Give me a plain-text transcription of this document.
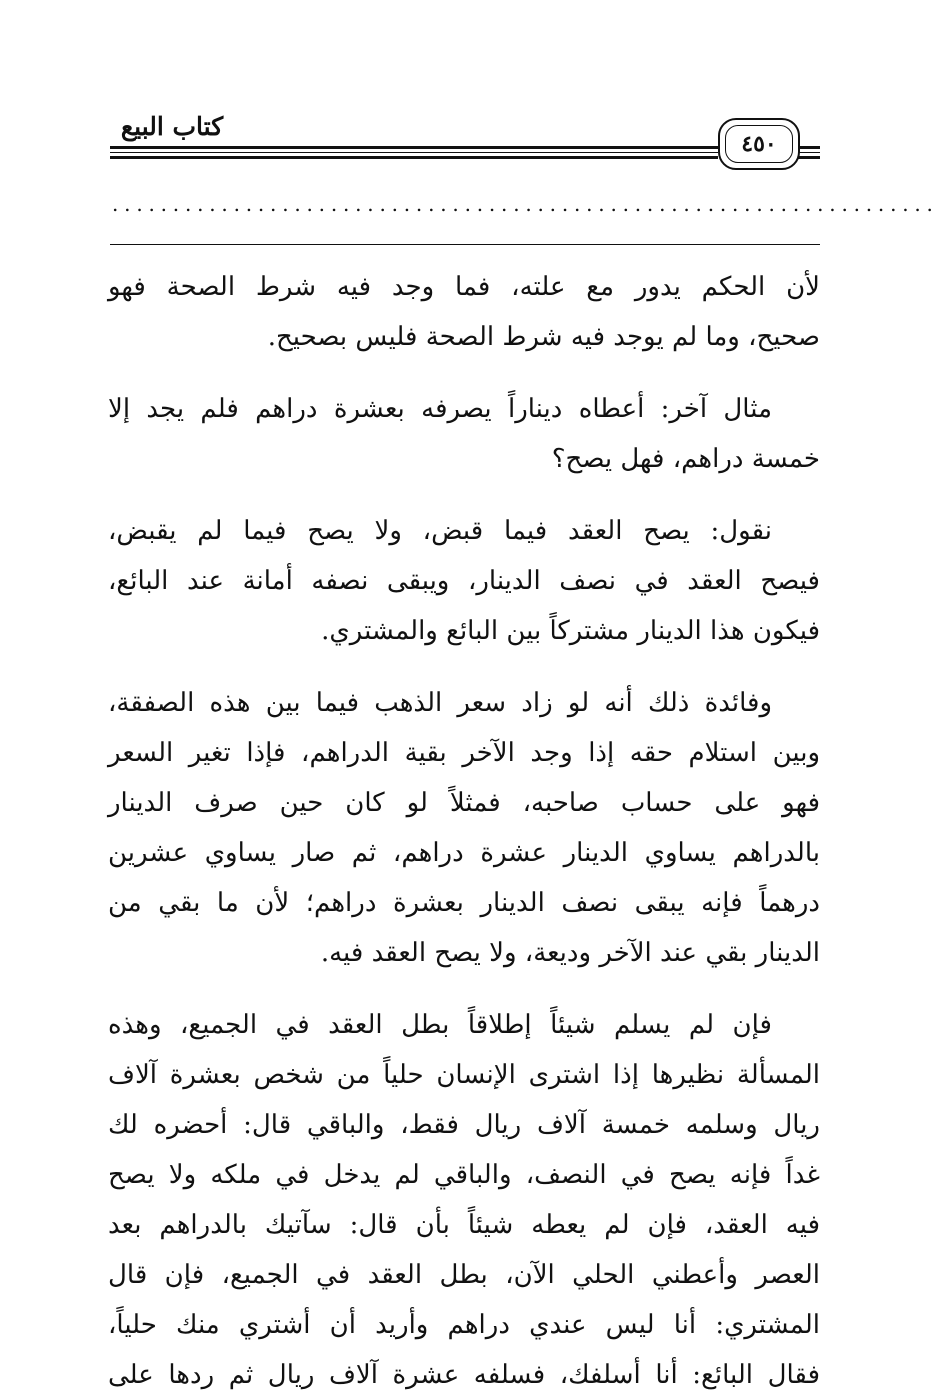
كتاب البيع
٤٥٠
....................................................................
لأن الحكم يدور مع علته، فما وجد فيه شرط الصحة فهو
صحيح، وما لم يوجد فيه شرط الصحة فليس بصحيح.
مثال آخر: أعطاه ديناراً يصرفه بعشرة دراهم فلم يجد إلا
خمسة دراهم، فهل يصح؟
نقول: يصح العقد فيما قبض، ولا يصح فيما لم يقبض،
فيصح العقد في نصف الدينار، ويبقى نصفه أمانة عند البائع،
فيكون هذا الدينار مشتركاً بين البائع والمشتري.
وفائدة ذلك أنه لو زاد سعر الذهب فيما بين هذه الصفقة،
وبين استلام حقه إذا وجد الآخر بقية الدراهم، فإذا تغير السعر
فهو على حساب صاحبه، فمثلاً لو كان حين صرف الدينار
بالدراهم يساوي الدينار عشرة دراهم، ثم صار يساوي عشرين
درهماً فإنه يبقى نصف الدينار بعشرة دراهم؛ لأن ما بقي من
الدينار بقي عند الآخر وديعة، ولا يصح العقد فيه.
فإن لم يسلم شيئاً إطلاقاً بطل العقد في الجميع، وهذه
المسألة نظيرها إذا اشترى الإنسان حلياً من شخص بعشرة آلاف
ريال وسلمه خمسة آلاف ريال فقط، والباقي قال: أحضره لك
غداً فإنه يصح في النصف، والباقي لم يدخل في ملكه ولا يصح
فيه العقد، فإن لم يعطه شيئاً بأن قال: سآتيك بالدراهم بعد
العصر وأعطني الحلي الآن، بطل العقد في الجميع، فإن قال
المشتري: أنا ليس عندي دراهم وأريد أن أشتري منك حلياً،
فقال البائع: أنا أسلفك، فسلفه عشرة آلاف ريال ثم ردها على
